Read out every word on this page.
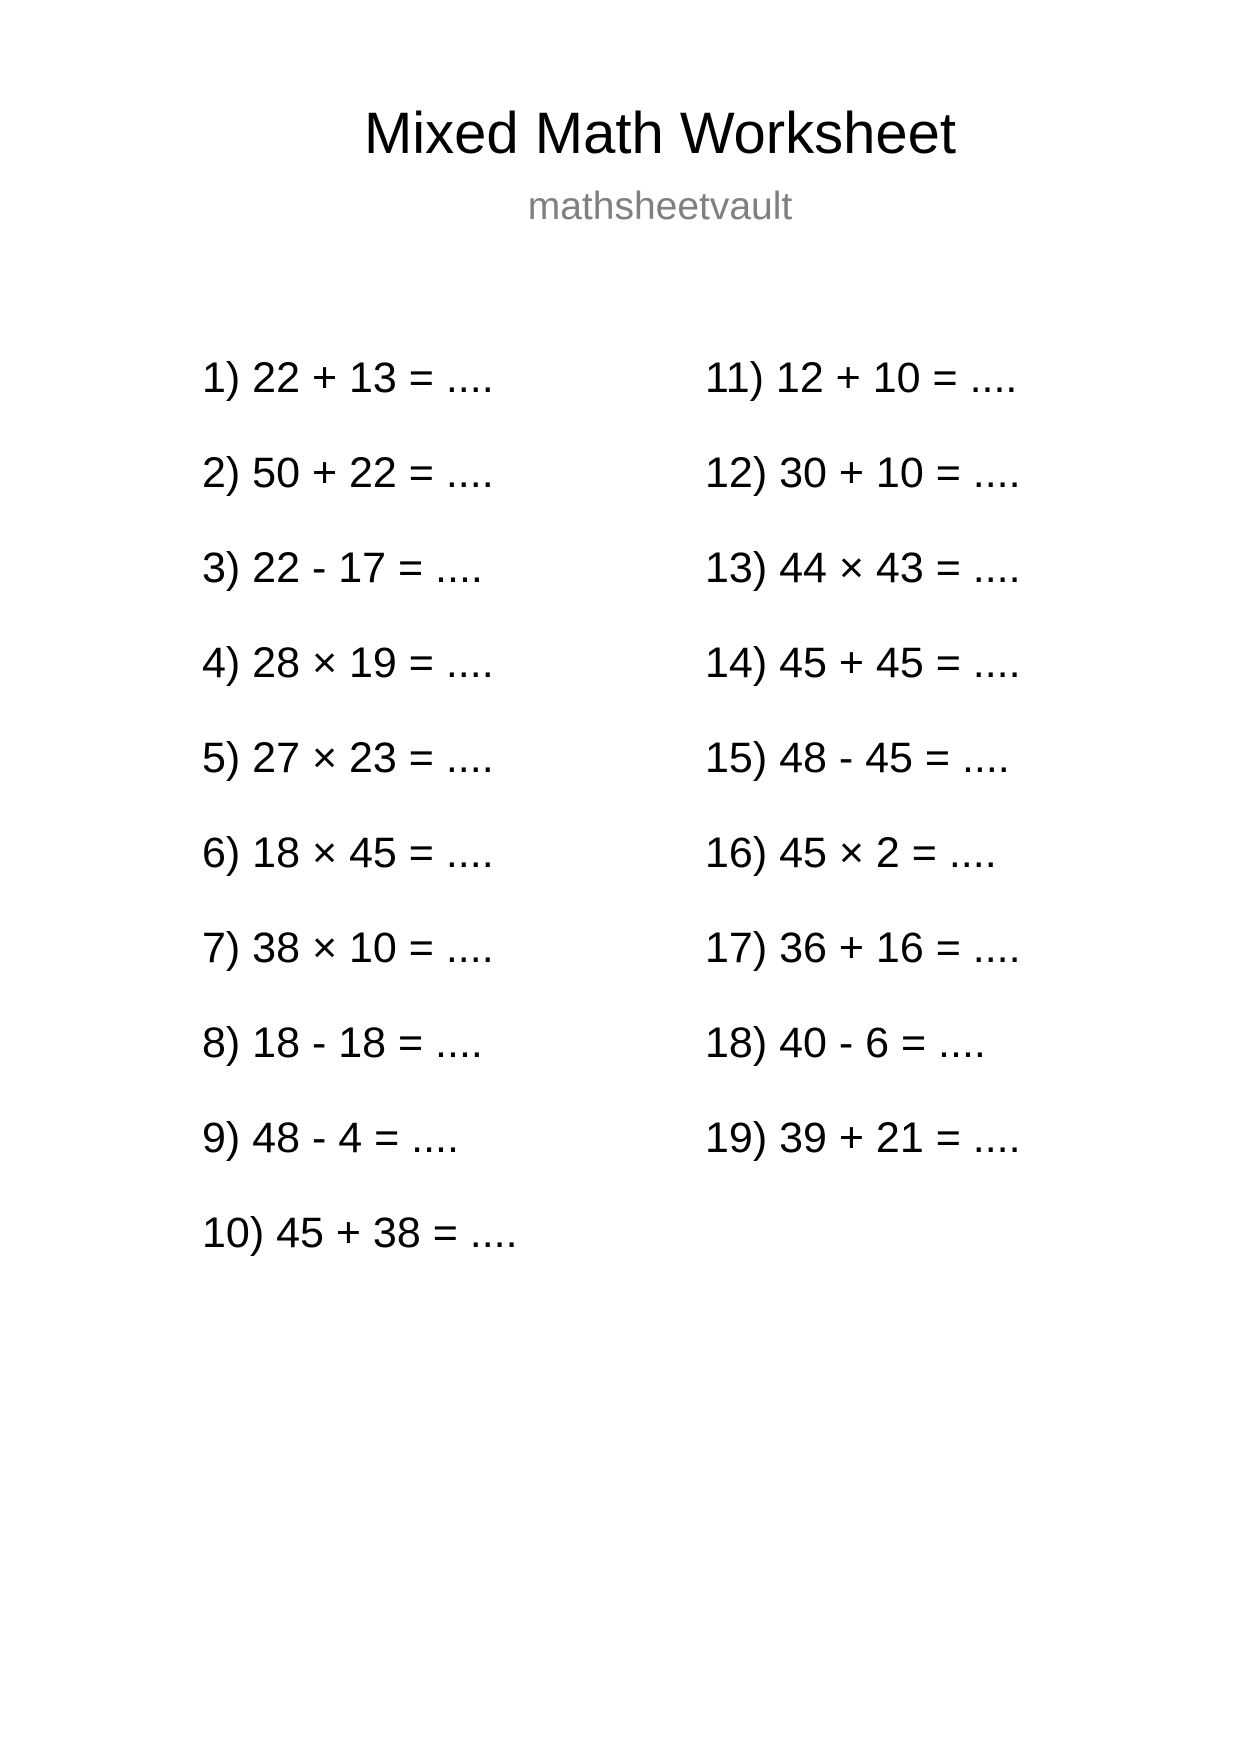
Mixed Math Worksheet
mathsheetvault
1) 22 + 13 = ....
2) 50 + 22 = ....
3) 22 - 17 = ....
4) 28 × 19 = ....
5) 27 × 23 = ....
6) 18 × 45 = ....
7) 38 × 10 = ....
8) 18 - 18 = ....
9) 48 - 4 = ....
10) 45 + 38 = ....
11) 12 + 10 = ....
12) 30 + 10 = ....
13) 44 × 43 = ....
14) 45 + 45 = ....
15) 48 - 45 = ....
16) 45 × 2 = ....
17) 36 + 16 = ....
18) 40 - 6 = ....
19) 39 + 21 = ....
